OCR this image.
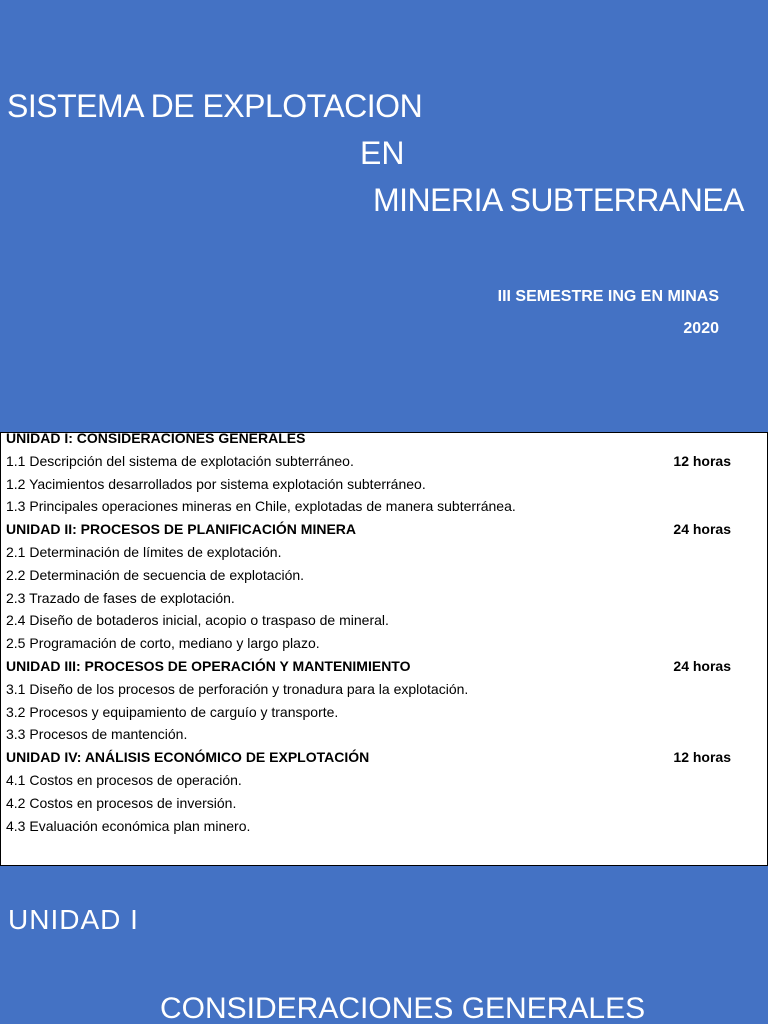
SISTEMA DE EXPLOTACION
EN
MINERIA SUBTERRANEA
III SEMESTRE ING EN MINAS
2020
UNIDAD I: CONSIDERACIONES GENERALES
1.1 Descripción del sistema de explotación subterráneo.	12 horas
1.2 Yacimientos desarrollados por sistema explotación subterráneo.
1.3 Principales operaciones mineras en Chile, explotadas de manera subterránea.
UNIDAD II: PROCESOS DE PLANIFICACIÓN MINERA	24 horas
2.1 Determinación de límites de explotación.
2.2 Determinación de secuencia de explotación.
2.3 Trazado de fases de explotación.
2.4 Diseño de botaderos inicial, acopio o traspaso de mineral.
2.5 Programación de corto, mediano y largo plazo.
UNIDAD III: PROCESOS DE OPERACIÓN Y MANTENIMIENTO	24 horas
3.1 Diseño de los procesos de perforación y tronadura para la explotación.
3.2 Procesos y equipamiento de carguío y transporte.
3.3 Procesos de mantención.
UNIDAD IV: ANÁLISIS ECONÓMICO DE EXPLOTACIÓN	12 horas
4.1 Costos en procesos de operación.
4.2 Costos en procesos de inversión.
4.3 Evaluación económica plan minero.
UNIDAD I
CONSIDERACIONES GENERALES
